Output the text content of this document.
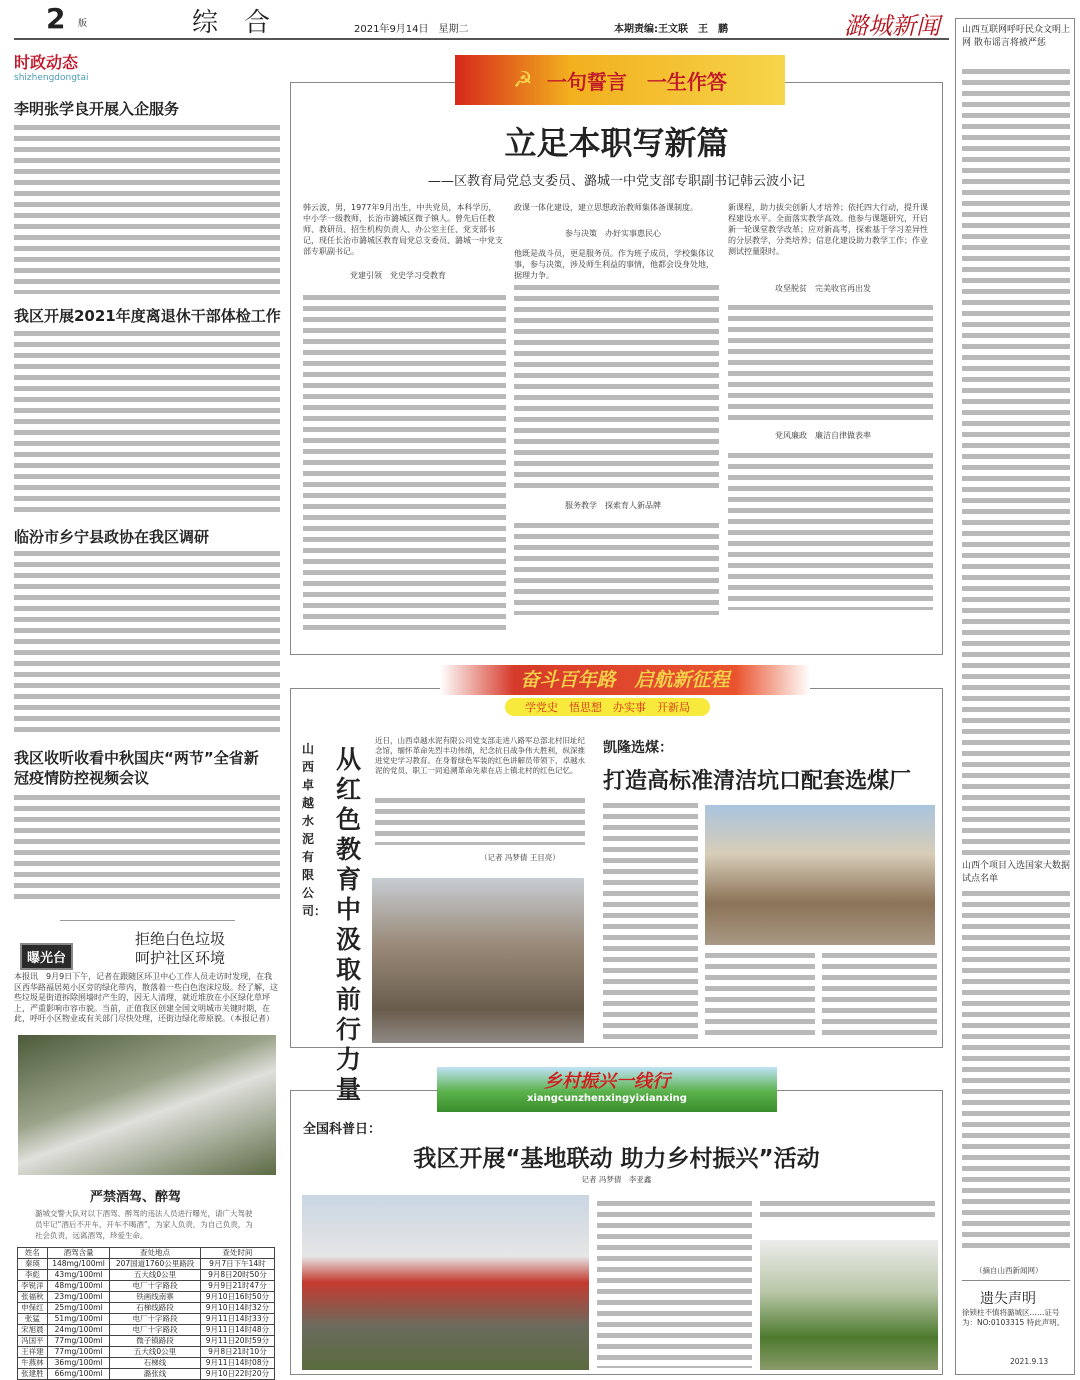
2 版	综　合	2021年9月14日　星期二	本期责编:王文联　王　鹏	潞城新闻
时政动态
shizhengdongtai
李明张学良开展入企服务
我区开展2021年度离退休干部体检工作
临汾市乡宁县政协在我区调研
我区收听收看中秋国庆“两节”全省新冠疫情防控视频会议
曝光台
拒绝白色垃圾
呵护社区环境
本报讯　9月9日下午，记者在跟随区环卫中心工作人员走访时发现，在我区西华路福居苑小区旁的绿化带内，散落着一些白色泡沫垃圾。经了解，这些垃圾是街道拆除围墙时产生的，因无人清理，就近堆放在小区绿化草坪上，严重影响市容市貌。当前，正值我区创建全国文明城市关键时期，在此，呼吁小区物业或有关部门尽快处理，还街边绿化带原貌。（本报记者）
严禁酒驾、醉驾
潞城交警大队对以下酒驾、醉驾的违法人员进行曝光，请广大驾驶员牢记“酒后不开车，开车不喝酒”，为家人负责，为自己负责，为社会负责，远离酒驾，珍爱生命。
姓名	酒驾含量	查处地点	查处时间
秦瑛	148mg/100ml	207国道1760公里路段	9月7日下午14时
李彪	43mg/100ml	五大线0公里	9月8日20时50分
李锐洋	48mg/100ml	电厂十字路段	9月9日21时47分
张福秋	23mg/100ml	铁画线南寨	9月10日16时50分
申保红	25mg/100ml	石梯线路段	9月10日14时32分
张猛	51mg/100ml	电厂十字路段	9月11日14时33分
宋旭晨	24mg/100ml	电厂十字路段	9月11日14时48分
冯国平	77mg/100ml	微子镇路段	9月11日20时59分
王祥建	77mg/100ml	五大线0公里	9月8日21时10分
牛燕林	36mg/100ml	石梯线	9月11日14时08分
张建胜	66mg/100ml	潞张线	9月10日22时20分
☭ 一句誓言　一生作答
立足本职写新篇
——区教育局党总支委员、潞城一中党支部专职副书记韩云波小记
韩云波，男，1977年9月出生，中共党员，本科学历，中小学一级教师，长治市潞城区微子镇人。曾先后任教师、教研员、招生机构负责人、办公室主任、党支部书记，现任长治市潞城区教育局党总支委员、潞城一中党支部专职副书记。
党建引领　党史学习受教育
政课一体化建设，建立思想政治教师集体备课制度。
参与决策　办好实事惠民心
他既是战斗员，更是服务员。作为班子成员，学校集体议事，参与决策，涉及师生利益的事情，他都会设身处地，据理力争。
服务教学　探索育人新品牌
新课程，助力拔尖创新人才培养；依托四大行动，提升课程建设水平。全面落实教学高效。他参与课题研究，开启新一轮课堂教学改革；应对新高考，探索基于学习差异性的分层教学，分类培养；信息化建设助力教学工作；作业测试控量限时。
攻坚脱贫　完美收官再出发
党风廉政　廉洁自律做表率
奋斗百年路　启航新征程
学党史　悟思想　办实事　开新局
山西卓越水泥有限公司：
从红色教育中汲取前行力量
近日，山西卓越水泥有限公司党支部走进八路军总部北村旧址纪念馆，缅怀革命先烈丰功伟绩，纪念抗日战争伟大胜利，纵深推进党史学习教育。在身着绿色军装的红色讲解员带领下，卓越水泥的党员、职工一同追溯革命先辈在店上镇北村的红色记忆。
（记者 冯梦倩 王目亮）
凯隆选煤：
打造高标准清洁坑口配套选煤厂
乡村振兴一线行
xiangcunzhenxingyixianxing
全国科普日：
我区开展“基地联动 助力乡村振兴”活动
记者 冯梦倩　李亚鑫
山西互联网呼吁民众文明上网 散布谣言将被严惩
山西个项目入选国家大数据试点名单
（摘自山西新闻网）
遗失声明
徐锁柱不慎将潞城区……证号为：NO:0103315 特此声明。
2021.9.13
